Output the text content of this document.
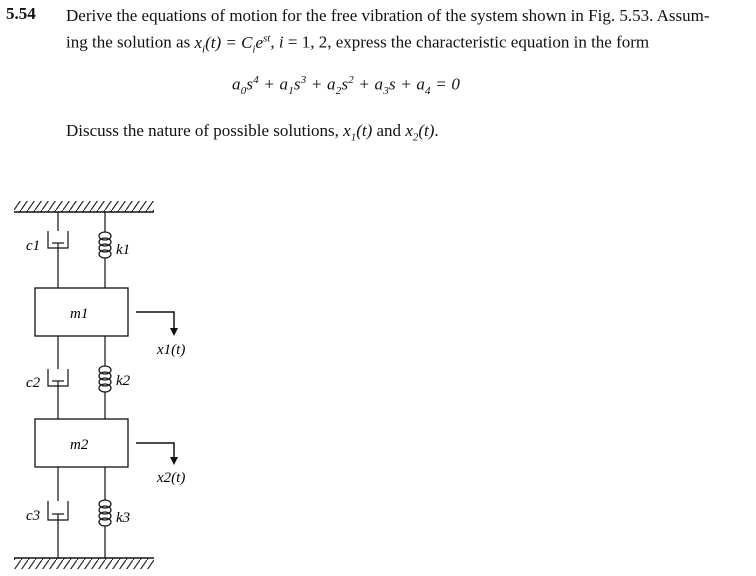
5.54 Derive the equations of motion for the free vibration of the system shown in Fig. 5.53. Assum-
ing the solution as $x_i(t) = C_ie^{st}$, i = 1, 2, express the characteristic equation in the form
$a_0s^4 + a_1s^3 + a_2s^2 + a_3s + a_4 = 0$
Discuss the nature of possible solutions, $x_1(t)$ and $x_2(t)$.
c1	k1
m1
x1(t)
c2	k2
m2
x2(t)
c3	k3
